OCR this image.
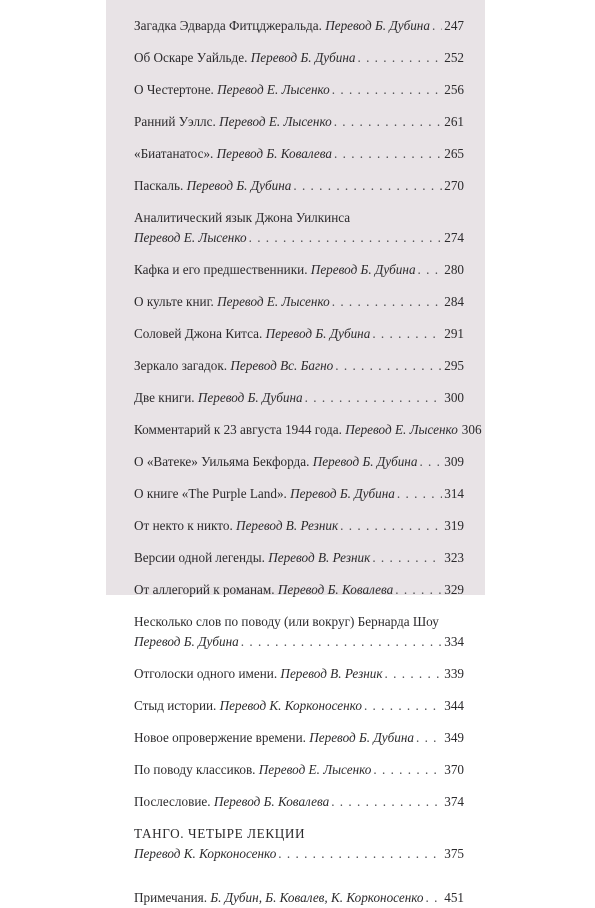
Загадка Эдварда Фитцджеральда.
Перевод Б. Дубина . . . 247
Об Оскаре Уайльде.
Перевод Б. Дубина . . .	252
О Честертоне.
Перевод Е. Лысенко . . .	256
Ранний Уэллс.
Перевод Е. Лысенко . . .	261
«Биатанатос».
Перевод Б. Ковалева . . .	265
Паскаль.
Перевод Б. Дубина . . .	270
Аналитический язык Джона Уилкинса
Перевод Е. Лысенко . . .	274
Кафка и его предшественники.
Перевод Б. Дубина . . . 280
О культе книг.
Перевод Е. Лысенко . . .	284
Соловей Джона Китса.
Перевод Б. Дубина . . .	291
Зеркало загадок.
Перевод Вс. Багно . . .	295
Две книги.
Перевод Б. Дубина . . .	300
Комментарий к 23 августа 1944 года.
Перевод Е. Лысенко 306
О «Ватеке» Уильяма Бекфорда.
Перевод Б. Дубина . . . 309
О книге «The Purple Land».
Перевод Б. Дубина . . .	314
От некто к никто.
Перевод В. Резник . . .	319
Версии одной легенды.
Перевод В. Резник . . .	323
От аллегорий к романам.
Перевод Б. Ковалева . . .	329
Несколько слов по поводу (или вокруг) Бернарда Шоу
Перевод Б. Дубина . . .	334
Отголоски одного имени.
Перевод В. Резник . . .	339
Стыд истории.
Перевод К. Корконосенко . . .	344
Новое опровержение времени.
Перевод Б. Дубина . . . 349
По поводу классиков.
Перевод Е. Лысенко . . .	370
Послесловие.
Перевод Б. Ковалева . . .	374
ТАНГО. ЧЕТЫРЕ ЛЕКЦИИ
Перевод К. Корконосенко . . .	375
Примечания.
Б. Дубин, Б. Ковалев, К. Корконосенко . . . 451
